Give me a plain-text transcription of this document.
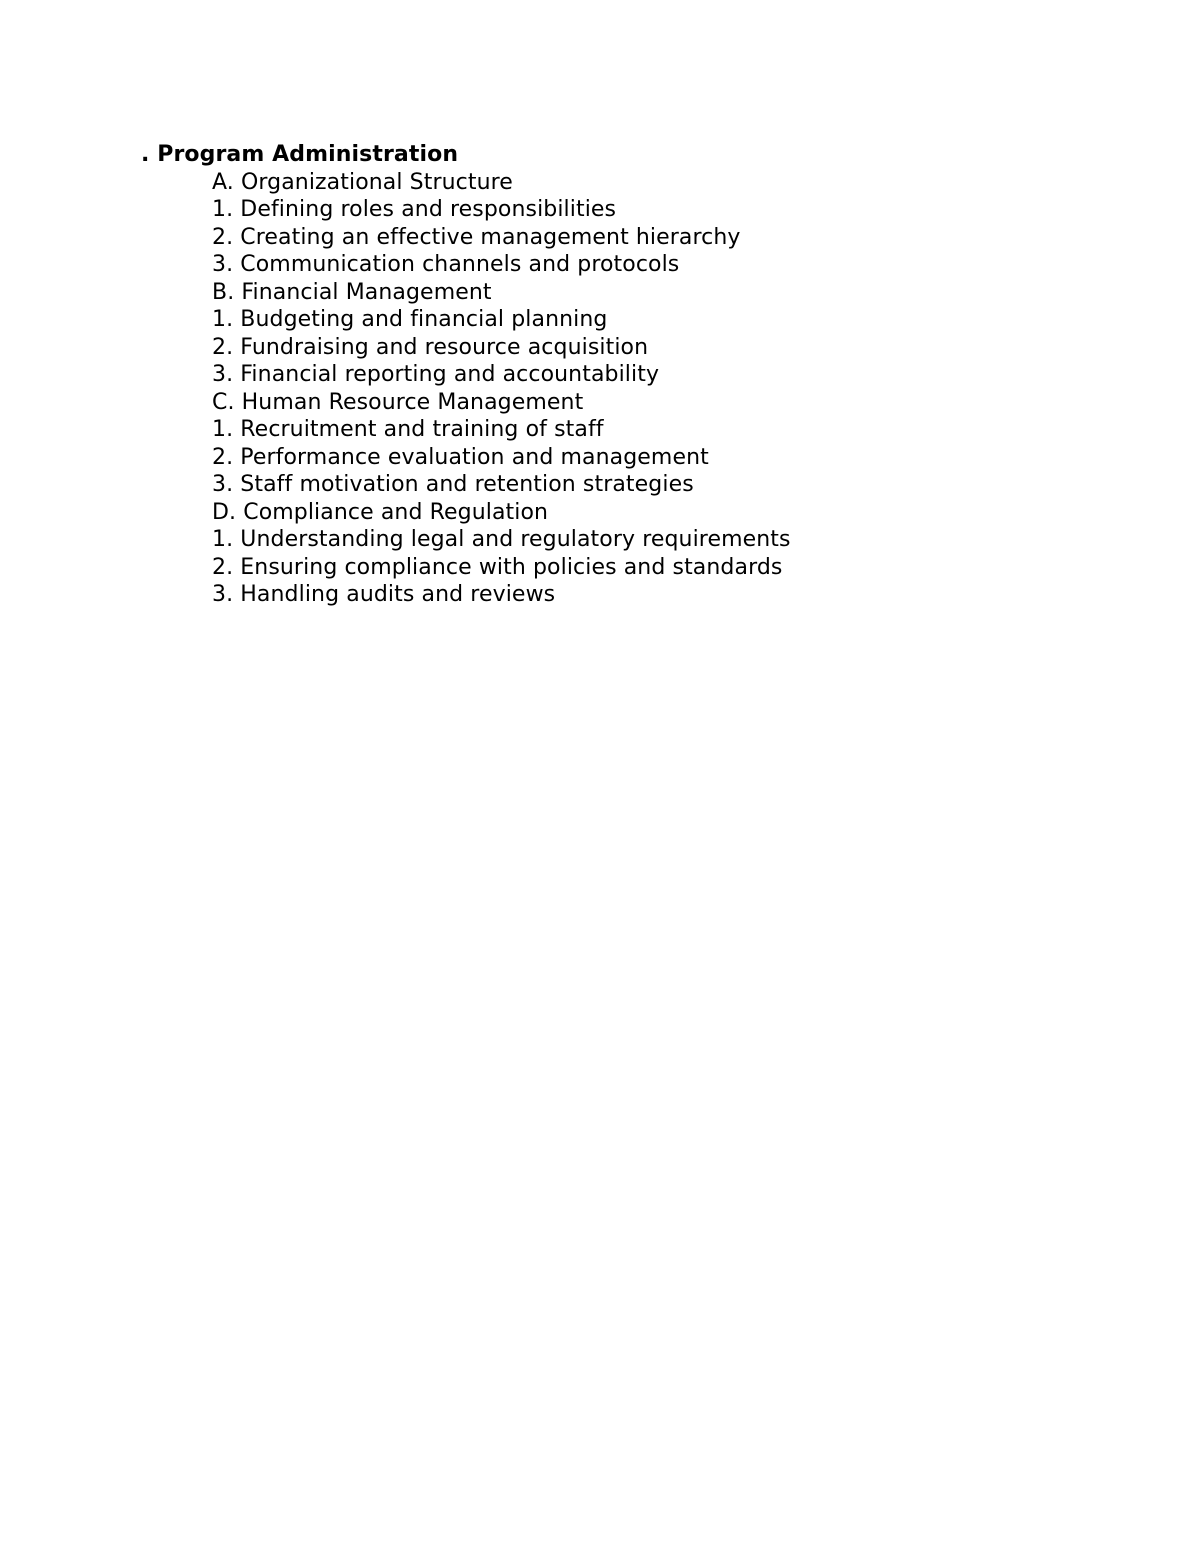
. Program Administration
A. Organizational Structure
1. Defining roles and responsibilities
2. Creating an effective management hierarchy
3. Communication channels and protocols
B. Financial Management
1. Budgeting and financial planning
2. Fundraising and resource acquisition
3. Financial reporting and accountability
C. Human Resource Management
1. Recruitment and training of staff
2. Performance evaluation and management
3. Staff motivation and retention strategies
D. Compliance and Regulation
1. Understanding legal and regulatory requirements
2. Ensuring compliance with policies and standards
3. Handling audits and reviews
